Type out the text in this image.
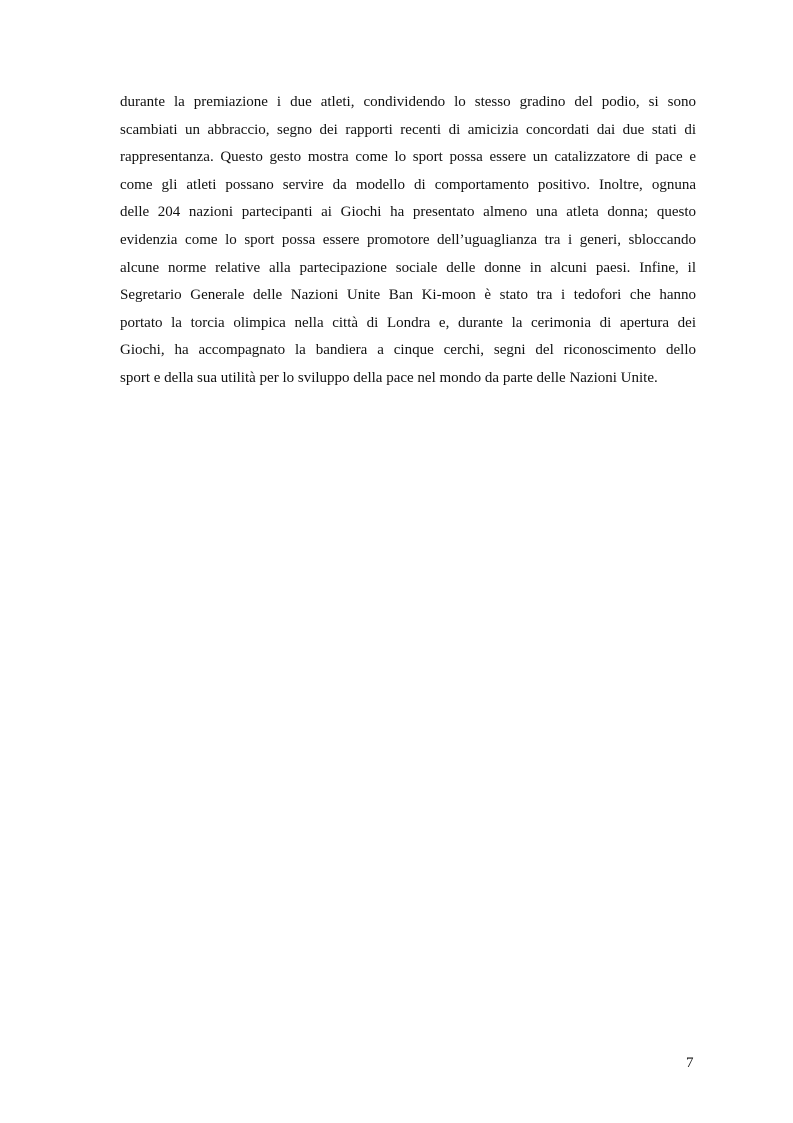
durante la premiazione i due atleti, condividendo lo stesso gradino del podio, si sono
scambiati un abbraccio, segno dei rapporti recenti di amicizia concordati dai due stati di
rappresentanza. Questo gesto mostra come lo sport possa essere un catalizzatore di pace e
come gli atleti possano servire da modello di comportamento positivo. Inoltre, ognuna
delle 204 nazioni partecipanti ai Giochi ha presentato almeno una atleta donna; questo
evidenzia come lo sport possa essere promotore dell’uguaglianza tra i generi, sbloccando
alcune norme relative alla partecipazione sociale delle donne in alcuni paesi. Infine, il
Segretario Generale delle Nazioni Unite Ban Ki-moon è stato tra i tedofori che hanno
portato la torcia olimpica nella città di Londra e, durante la cerimonia di apertura dei
Giochi, ha accompagnato la bandiera a cinque cerchi, segni del riconoscimento dello
sport e della sua utilità per lo sviluppo della pace nel mondo da parte delle Nazioni Unite.
7
